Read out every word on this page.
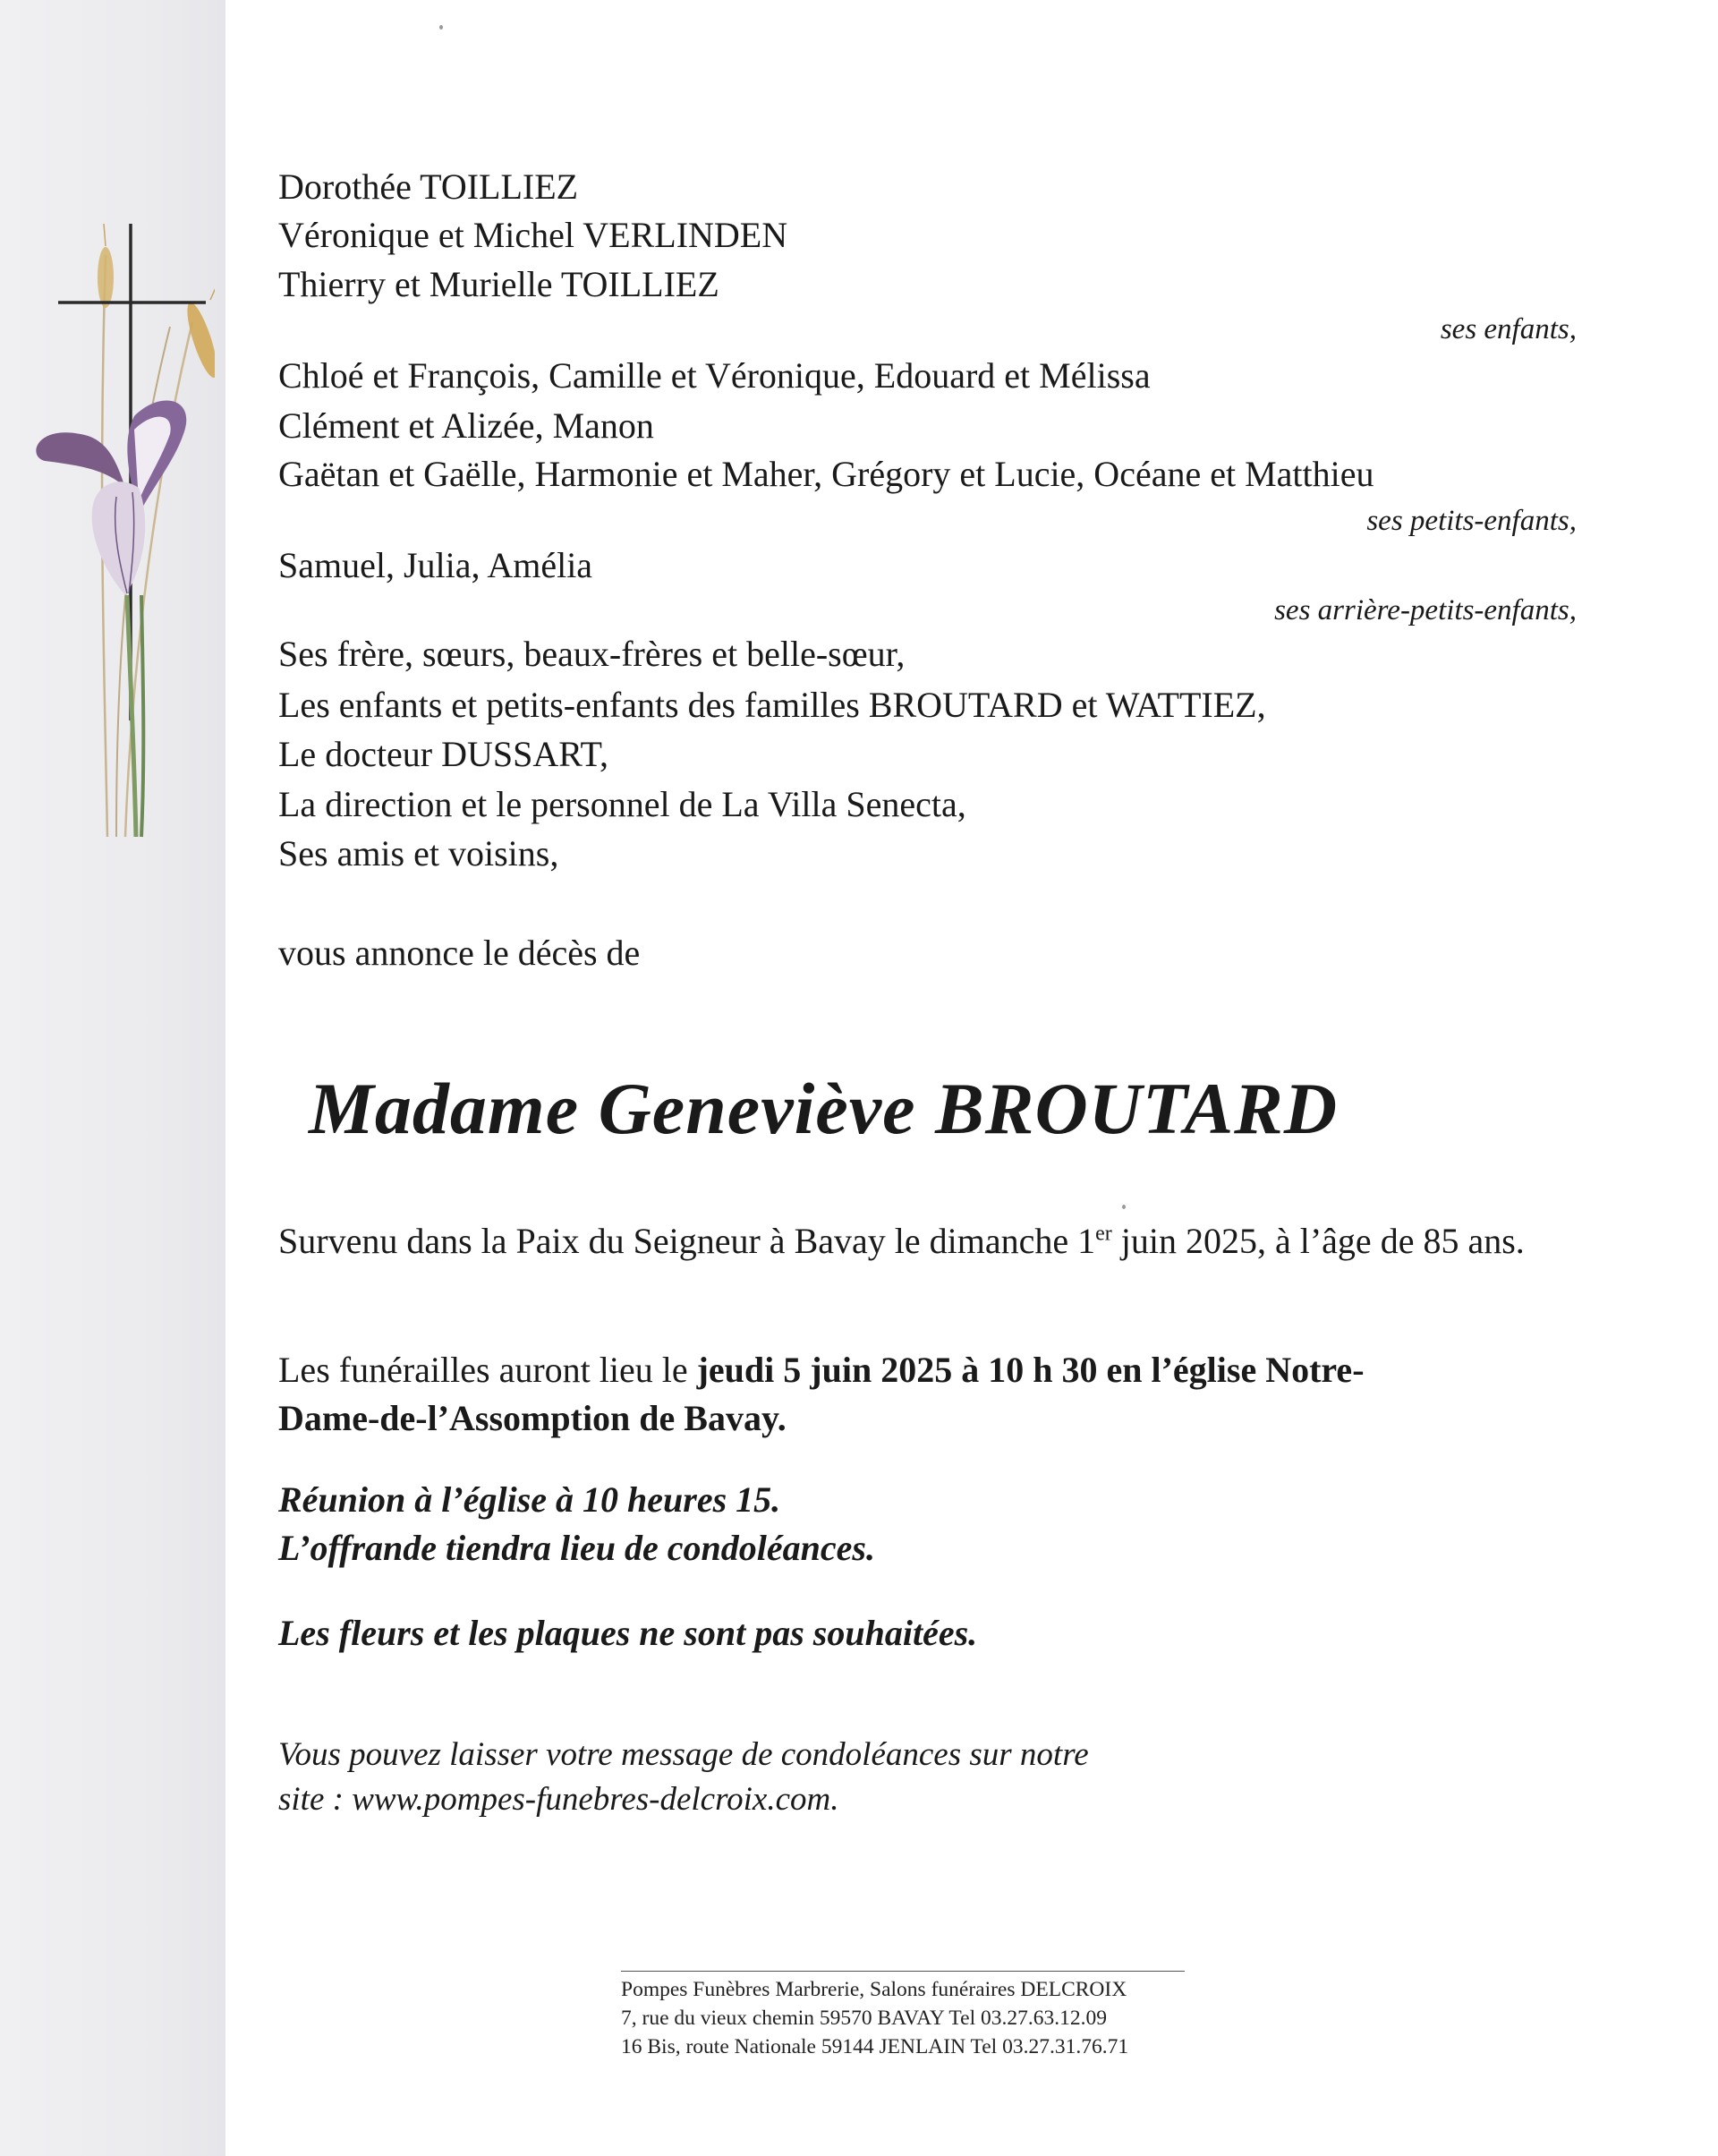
Dorothée TOILLIEZ

Véronique et Michel VERLINDEN

Thierry et Murielle TOILLIEZ

ses enfants,

Chloé et François, Camille et Véronique, Edouard et Mélissa

Clément et Alizée, Manon

Gaëtan et Gaëlle, Harmonie et Maher, Grégory et Lucie, Océane et Matthieu

ses petits-enfants,

Samuel, Julia, Amélia

ses arrière-petits-enfants,

Ses frère, sœurs, beaux-frères et belle-sœur,

Les enfants et petits-enfants des familles BROUTARD et WATTIEZ,

Le docteur DUSSART,

La direction et le personnel de La Villa Senecta,

Ses amis et voisins,

vous annonce le décès de

Madame Geneviève BROUTARD

Survenu dans la Paix du Seigneur à Bavay le dimanche 1er juin 2025, à l’âge de 85 ans.

Les funérailles auront lieu le jeudi 5 juin 2025 à 10 h 30 en l’église Notre-Dame-de-l’Assomption de Bavay.

Réunion à l’église à 10 heures 15.

L’offrande tiendra lieu de condoléances.

Les fleurs et les plaques ne sont pas souhaitées.

Vous pouvez laisser votre message de condoléances sur notre

site : www.pompes-funebres-delcroix.com.

Pompes Funèbres Marbrerie, Salons funéraires DELCROIX
7, rue du vieux chemin 59570 BAVAY Tel 03.27.63.12.09
16 Bis, route Nationale 59144 JENLAIN Tel 03.27.31.76.71
